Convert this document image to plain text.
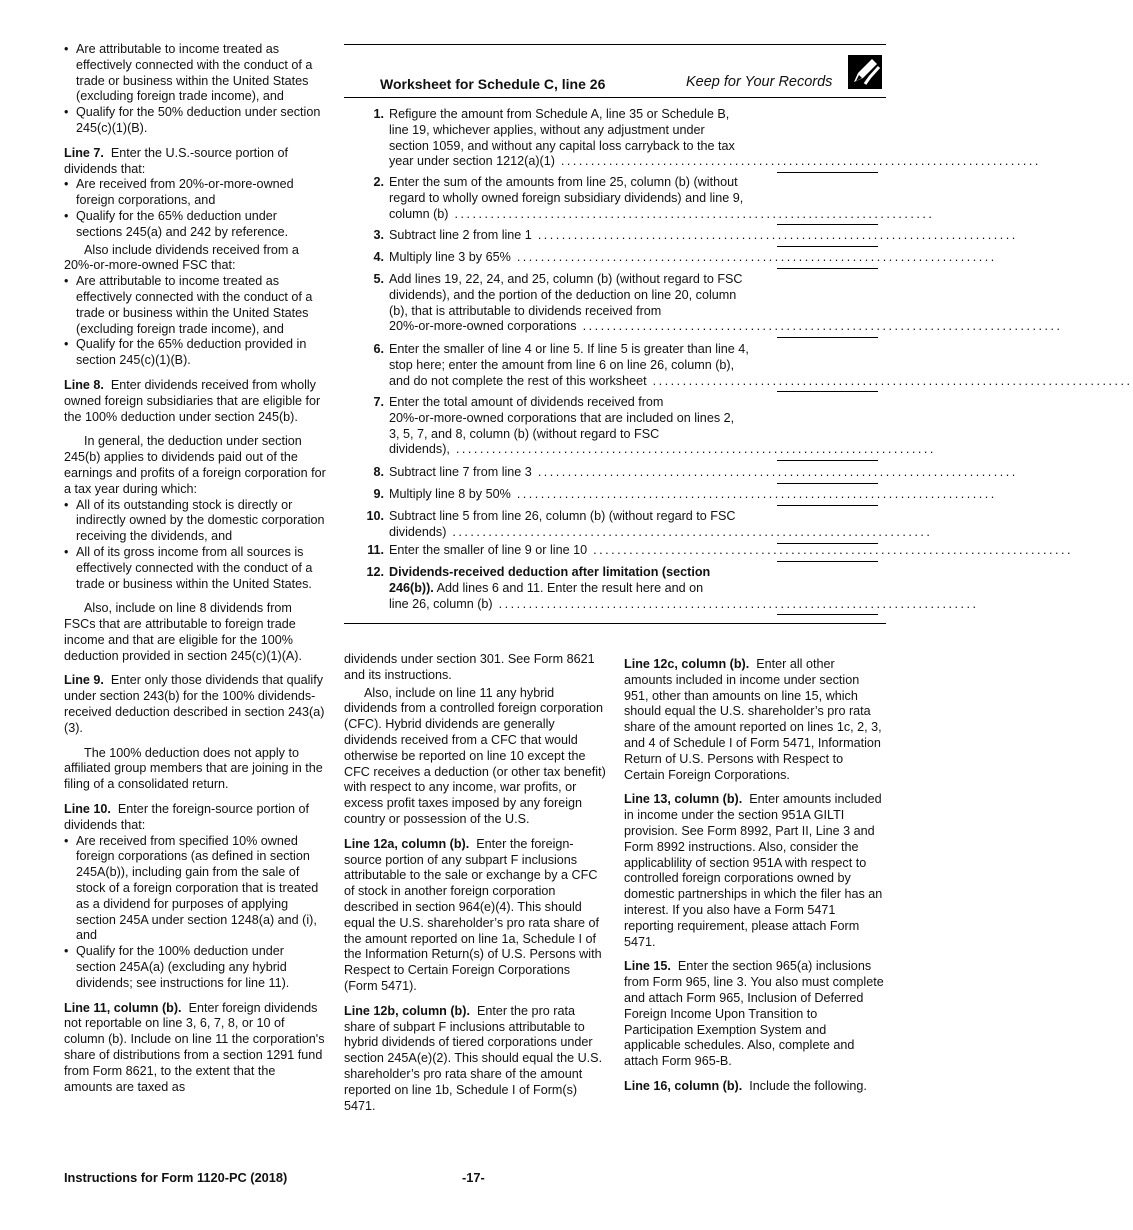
• Are attributable to income treated as effectively connected with the conduct of a trade or business within the United States (excluding foreign trade income), and
• Qualify for the 50% deduction under section 245(c)(1)(B).

Line 7. Enter the U.S.-source portion of dividends that:

• Are received from 20%-or-more-owned foreign corporations, and
• Qualify for the 65% deduction under sections 245(a) and 242 by reference.

Also include dividends received from a 20%-or-more-owned FSC that:

• Are attributable to income treated as effectively connected with the conduct of a trade or business within the United States (excluding foreign trade income), and
• Qualify for the 65% deduction provided in section 245(c)(1)(B).

Line 8. Enter dividends received from wholly owned foreign subsidiaries that are eligible for the 100% deduction under section 245(b).

In general, the deduction under section 245(b) applies to dividends paid out of the earnings and profits of a foreign corporation for a tax year during which:

• All of its outstanding stock is directly or indirectly owned by the domestic corporation receiving the dividends, and
• All of its gross income from all sources is effectively connected with the conduct of a trade or business within the United States.

Also, include on line 8 dividends from FSCs that are attributable to foreign trade income and that are eligible for the 100% deduction provided in section 245(c)(1)(A).

Line 9. Enter only those dividends that qualify under section 243(b) for the 100% dividends-received deduction described in section 243(a)(3).

The 100% deduction does not apply to affiliated group members that are joining in the filing of a consolidated return.

Line 10. Enter the foreign-source portion of dividends that:

• Are received from specified 10% owned foreign corporations (as defined in section 245A(b)), including gain from the sale of stock of a foreign corporation that is treated as a dividend for purposes of applying section 245A under section 1248(a) and (i), and
• Qualify for the 100% deduction under section 245A(a) (excluding any hybrid dividends; see instructions for line 11).

Line 11, column (b). Enter foreign dividends not reportable on line 3, 6, 7, 8, or 10 of column (b). Include on line 11 the corporation's share of distributions from a section 1291 fund from Form 8621, to the extent that the amounts are taxed as

Worksheet for Schedule C, line 26	Keep for Your Records
1. Refigure the amount from Schedule A, line 35 or Schedule B,
line 19, whichever applies, without any adjustment under
section 1059, and without any capital loss carryback to the tax
year under section 1212(a)(1) ................................................................................
2. Enter the sum of the amounts from line 25, column (b) (without
regard to wholly owned foreign subsidiary dividends) and line 9,
column (b) ................................................................................
3. Subtract line 2 from line 1 ................................................................................
4. Multiply line 3 by 65% ................................................................................
5. Add lines 19, 22, 24, and 25, column (b) (without regard to FSC
dividends), and the portion of the deduction on line 20, column
(b), that is attributable to dividends received from
20%-or-more-owned corporations ................................................................................
6. Enter the smaller of line 4 or line 5. If line 5 is greater than line 4,
stop here; enter the amount from line 6 on line 26, column (b),
and do not complete the rest of this worksheet ................................................................................
7. Enter the total amount of dividends received from
20%-or-more-owned corporations that are included on lines 2,
3, 5, 7, and 8, column (b) (without regard to FSC
dividends), ................................................................................
8. Subtract line 7 from line 3 ................................................................................
9. Multiply line 8 by 50% ................................................................................
10. Subtract line 5 from line 26, column (b) (without regard to FSC
dividends) ................................................................................
11. Enter the smaller of line 9 or line 10 ................................................................................
12. Dividends-received deduction after limitation (section
246(b)). Add lines 6 and 11. Enter the result here and on
line 26, column (b) ................................................................................

dividends under section 301. See Form 8621 and its instructions.

Also, include on line 11 any hybrid dividends from a controlled foreign corporation (CFC). Hybrid dividends are generally dividends received from a CFC that would otherwise be reported on line 10 except the CFC receives a deduction (or other tax benefit) with respect to any income, war profits, or excess profit taxes imposed by any foreign country or possession of the U.S.

Line 12a, column (b). Enter the foreign-source portion of any subpart F inclusions attributable to the sale or exchange by a CFC of stock in another foreign corporation described in section 964(e)(4). This should equal the U.S. shareholder’s pro rata share of the amount reported on line 1a, Schedule I of the Information Return(s) of U.S. Persons with Respect to Certain Foreign Corporations (Form 5471).

Line 12b, column (b). Enter the pro rata share of subpart F inclusions attributable to hybrid dividends of tiered corporations under section 245A(e)(2). This should equal the U.S. shareholder’s pro rata share of the amount reported on line 1b, Schedule I of Form(s) 5471.

Line 12c, column (b). Enter all other amounts included in income under section 951, other than amounts on line 15, which should equal the U.S. shareholder’s pro rata share of the amount reported on lines 1c, 2, 3, and 4 of Schedule I of Form 5471, Information Return of U.S. Persons with Respect to Certain Foreign Corporations.

Line 13, column (b). Enter amounts included in income under the section 951A GILTI provision. See Form 8992, Part II, Line 3 and Form 8992 instructions. Also, consider the applicablility of section 951A with respect to controlled foreign corporations owned by domestic partnerships in which the filer has an interest. If you also have a Form 5471 reporting requirement, please attach Form 5471.

Line 15. Enter the section 965(a) inclusions from Form 965, line 3. You also must complete and attach Form 965, Inclusion of Deferred Foreign Income Upon Transition to Participation Exemption System and applicable schedules. Also, complete and attach Form 965-B.

Line 16, column (b). Include the following.

Instructions for Form 1120-PC (2018)	-17-
